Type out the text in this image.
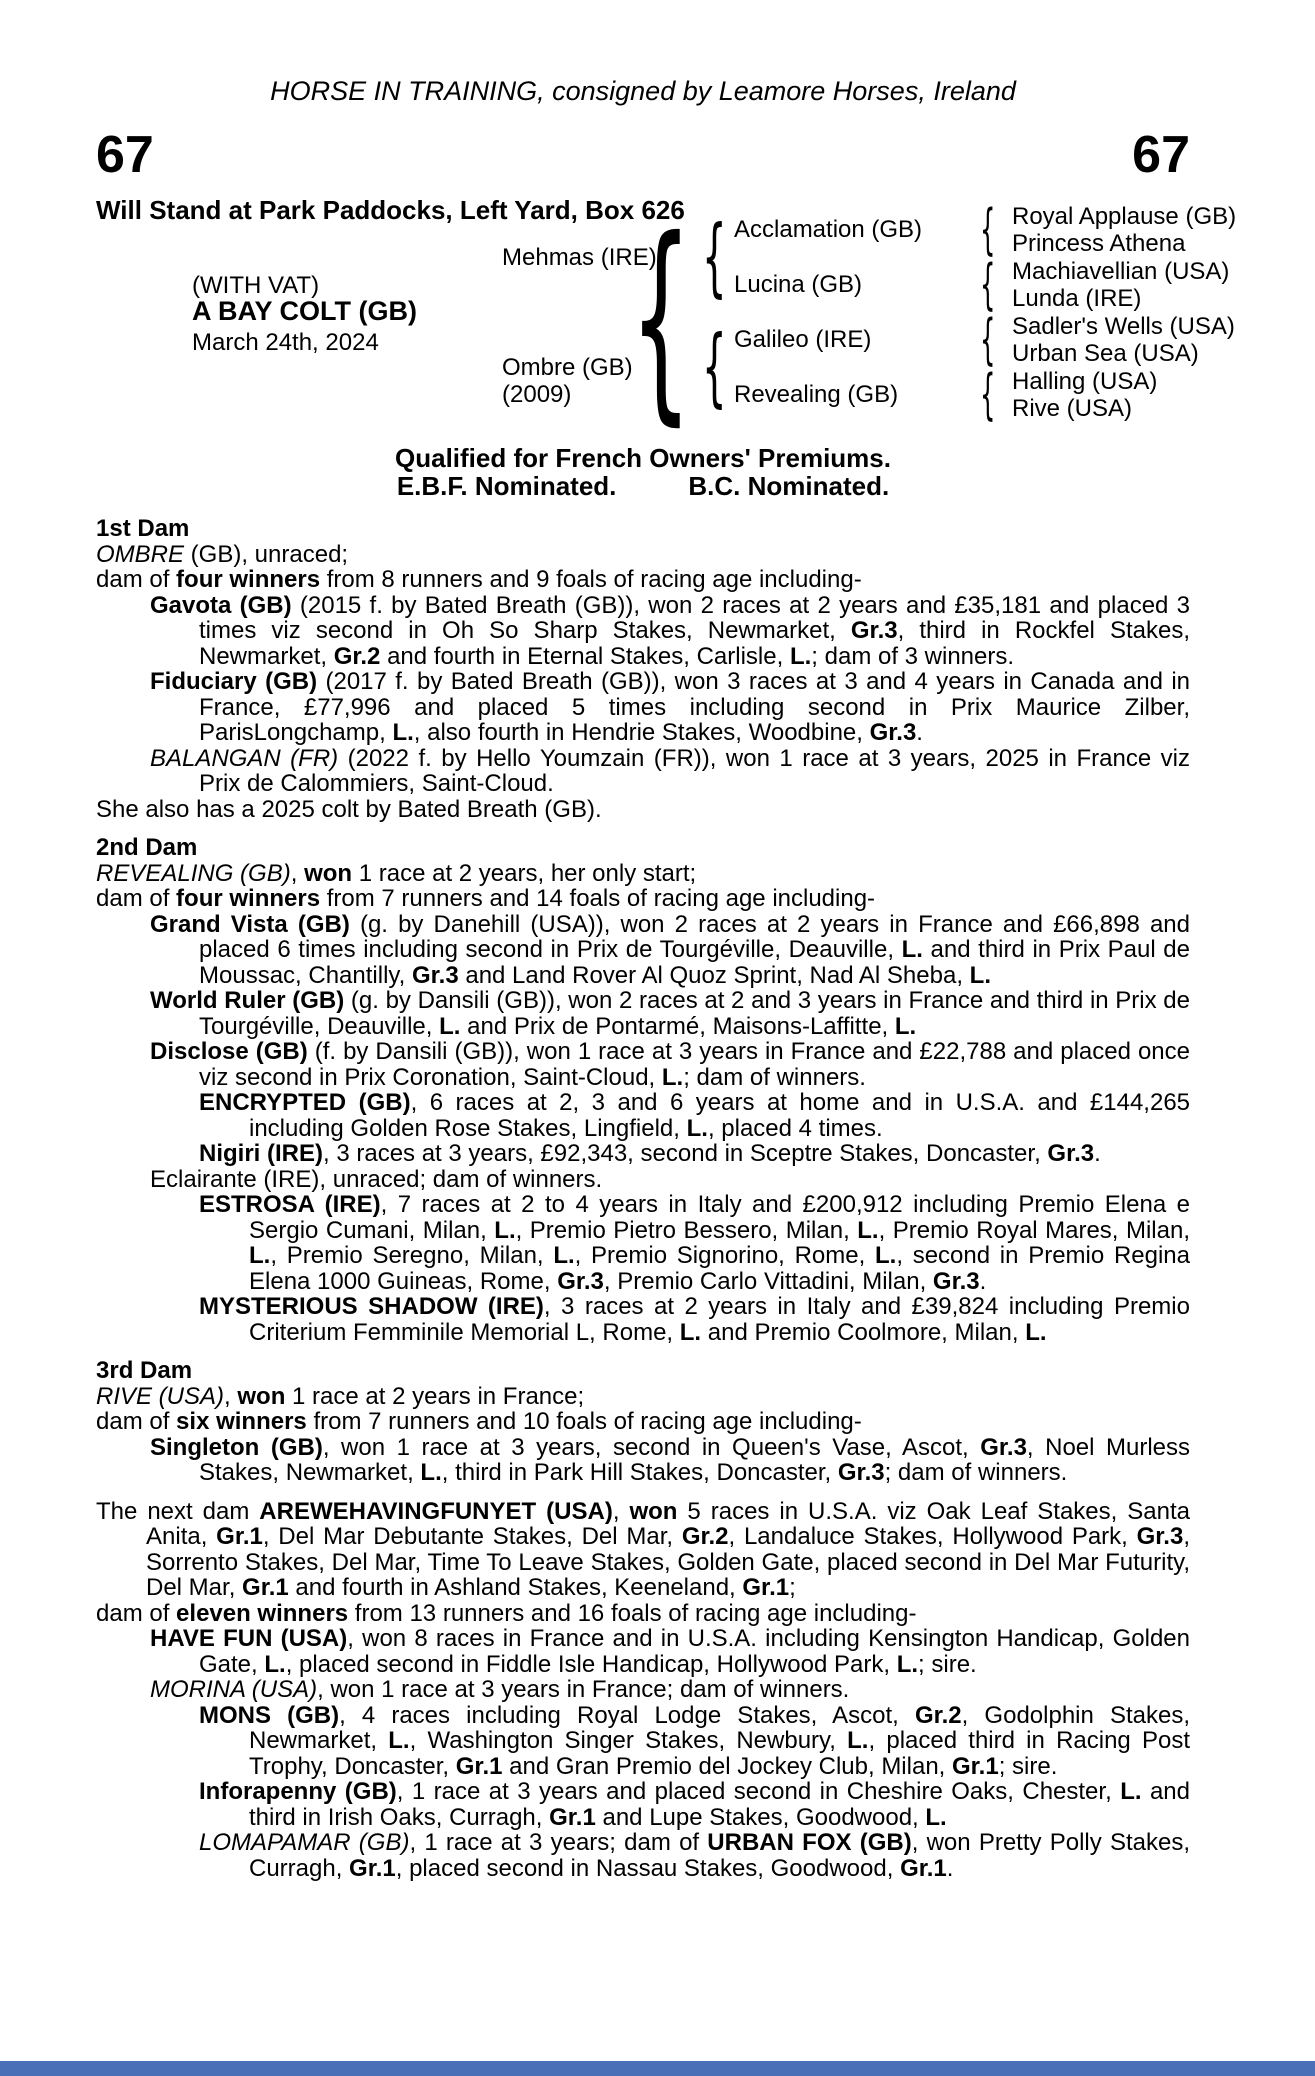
HORSE IN TRAINING, consigned by Leamore Horses, Ireland
67	67
Will Stand at Park Paddocks, Left Yard, Box 626
(WITH VAT)
A BAY COLT (GB)
March 24th, 2024
{
{
{
{
{
{
{
Mehmas (IRE)
Ombre (GB)
(2009)
Acclamation (GB)
Lucina (GB)
Galileo (IRE)
Revealing (GB)
Royal Applause (GB)
Princess Athena
Machiavellian (USA)
Lunda (IRE)
Sadler's Wells (USA)
Urban Sea (USA)
Halling (USA)
Rive (USA)
Qualified for French Owners' Premiums.
E.B.F. Nominated.	B.C. Nominated.
1st Dam

OMBRE (GB), unraced;

dam of four winners from 8 runners and 9 foals of racing age including-

Gavota (GB) (2015 f. by Bated Breath (GB)), won 2 races at 2 years and £35,181 and placed 3 times viz second in Oh So Sharp Stakes, Newmarket, Gr.3, third in Rockfel Stakes, Newmarket, Gr.2 and fourth in Eternal Stakes, Carlisle, L.; dam of 3 winners.

Fiduciary (GB) (2017 f. by Bated Breath (GB)), won 3 races at 3 and 4 years in Canada and in France, £77,996 and placed 5 times including second in Prix Maurice Zilber, ParisLongchamp, L., also fourth in Hendrie Stakes, Woodbine, Gr.3.

BALANGAN (FR) (2022 f. by Hello Youmzain (FR)), won 1 race at 3 years, 2025 in France viz Prix de Calommiers, Saint-Cloud.

She also has a 2025 colt by Bated Breath (GB).

2nd Dam

REVEALING (GB), won 1 race at 2 years, her only start;

dam of four winners from 7 runners and 14 foals of racing age including-

Grand Vista (GB) (g. by Danehill (USA)), won 2 races at 2 years in France and £66,898 and placed 6 times including second in Prix de Tourgéville, Deauville, L. and third in Prix Paul de Moussac, Chantilly, Gr.3 and Land Rover Al Quoz Sprint, Nad Al Sheba, L.

World Ruler (GB) (g. by Dansili (GB)), won 2 races at 2 and 3 years in France and third in Prix de Tourgéville, Deauville, L. and Prix de Pontarmé, Maisons-Laffitte, L.

Disclose (GB) (f. by Dansili (GB)), won 1 race at 3 years in France and £22,788 and placed once viz second in Prix Coronation, Saint-Cloud, L.; dam of winners.

ENCRYPTED (GB), 6 races at 2, 3 and 6 years at home and in U.S.A. and £144,265 including Golden Rose Stakes, Lingfield, L., placed 4 times.

Nigiri (IRE), 3 races at 3 years, £92,343, second in Sceptre Stakes, Doncaster, Gr.3.

Eclairante (IRE), unraced; dam of winners.

ESTROSA (IRE), 7 races at 2 to 4 years in Italy and £200,912 including Premio Elena e Sergio Cumani, Milan, L., Premio Pietro Bessero, Milan, L., Premio Royal Mares, Milan, L., Premio Seregno, Milan, L., Premio Signorino, Rome, L., second in Premio Regina Elena 1000 Guineas, Rome, Gr.3, Premio Carlo Vittadini, Milan, Gr.3.

MYSTERIOUS SHADOW (IRE), 3 races at 2 years in Italy and £39,824 including Premio Criterium Femminile Memorial L, Rome, L. and Premio Coolmore, Milan, L.

3rd Dam

RIVE (USA), won 1 race at 2 years in France;

dam of six winners from 7 runners and 10 foals of racing age including-

Singleton (GB), won 1 race at 3 years, second in Queen's Vase, Ascot, Gr.3, Noel Murless Stakes, Newmarket, L., third in Park Hill Stakes, Doncaster, Gr.3; dam of winners.

The next dam AREWEHAVINGFUNYET (USA), won 5 races in U.S.A. viz Oak Leaf Stakes, Santa Anita, Gr.1, Del Mar Debutante Stakes, Del Mar, Gr.2, Landaluce Stakes, Hollywood Park, Gr.3, Sorrento Stakes, Del Mar, Time To Leave Stakes, Golden Gate, placed second in Del Mar Futurity, Del Mar, Gr.1 and fourth in Ashland Stakes, Keeneland, Gr.1;

dam of eleven winners from 13 runners and 16 foals of racing age including-

HAVE FUN (USA), won 8 races in France and in U.S.A. including Kensington Handicap, Golden Gate, L., placed second in Fiddle Isle Handicap, Hollywood Park, L.; sire.

MORINA (USA), won 1 race at 3 years in France; dam of winners.

MONS (GB), 4 races including Royal Lodge Stakes, Ascot, Gr.2, Godolphin Stakes, Newmarket, L., Washington Singer Stakes, Newbury, L., placed third in Racing Post Trophy, Doncaster, Gr.1 and Gran Premio del Jockey Club, Milan, Gr.1; sire.

Inforapenny (GB), 1 race at 3 years and placed second in Cheshire Oaks, Chester, L. and third in Irish Oaks, Curragh, Gr.1 and Lupe Stakes, Goodwood, L.

LOMAPAMAR (GB), 1 race at 3 years; dam of URBAN FOX (GB), won Pretty Polly Stakes, Curragh, Gr.1, placed second in Nassau Stakes, Goodwood, Gr.1.
